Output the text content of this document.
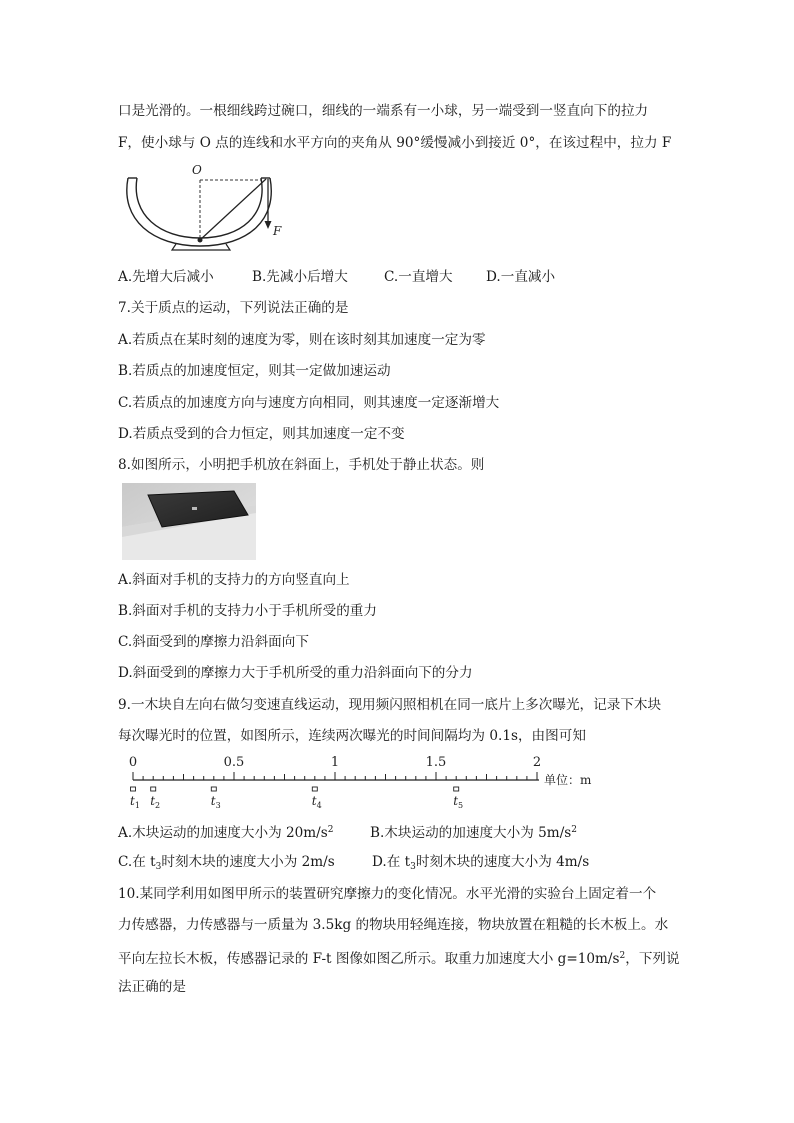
口是光滑的。一根细线跨过碗口，细线的一端系有一小球，另一端受到一竖直向下的拉力
F，使小球与 O 点的连线和水平方向的夹角从 90°缓慢减小到接近 0°，在该过程中，拉力 F
O
F
A.先增大后减小	B.先减小后增大	C.一直增大 D.一直减小
7.关于质点的运动，下列说法正确的是
A.若质点在某时刻的速度为零，则在该时刻其加速度一定为零
B.若质点的加速度恒定，则其一定做加速运动
C.若质点的加速度方向与速度方向相同，则其速度一定逐渐增大
D.若质点受到的合力恒定，则其加速度一定不变
8.如图所示，小明把手机放在斜面上，手机处于静止状态。则
A.斜面对手机的支持力的方向竖直向上
B.斜面对手机的支持力小于手机所受的重力
C.斜面受到的摩擦力沿斜面向下
D.斜面受到的摩擦力大于手机所受的重力沿斜面向下的分力
9.一木块自左向右做匀变速直线运动，现用频闪照相机在同一底片上多次曝光，记录下木块
每次曝光时的位置，如图所示，连续两次曝光的时间间隔均为 0.1s，由图可知
0	0.5	1	1.5	2
$t_1$ $t_2$	$t_3$	$t_4$	$t_5$
单位：m
A.木块运动的加速度大小为 $20m/s^2$	B.木块运动的加速度大小为 $5m/s^2$
C.在 $t_3$时刻木块的速度大小为 2m/s	D.在 $t_3$时刻木块的速度大小为 4m/s
10.某同学利用如图甲所示的装置研究摩擦力的变化情况。水平光滑的实验台上固定着一个
力传感器，力传感器与一质量为 3.5kg 的物块用轻绳连接，物块放置在粗糙的长木板上。水
平向左拉长木板，传感器记录的 F-t 图像如图乙所示。取重力加速度大小 $g=10m/s^2$，下列说
法正确的是
